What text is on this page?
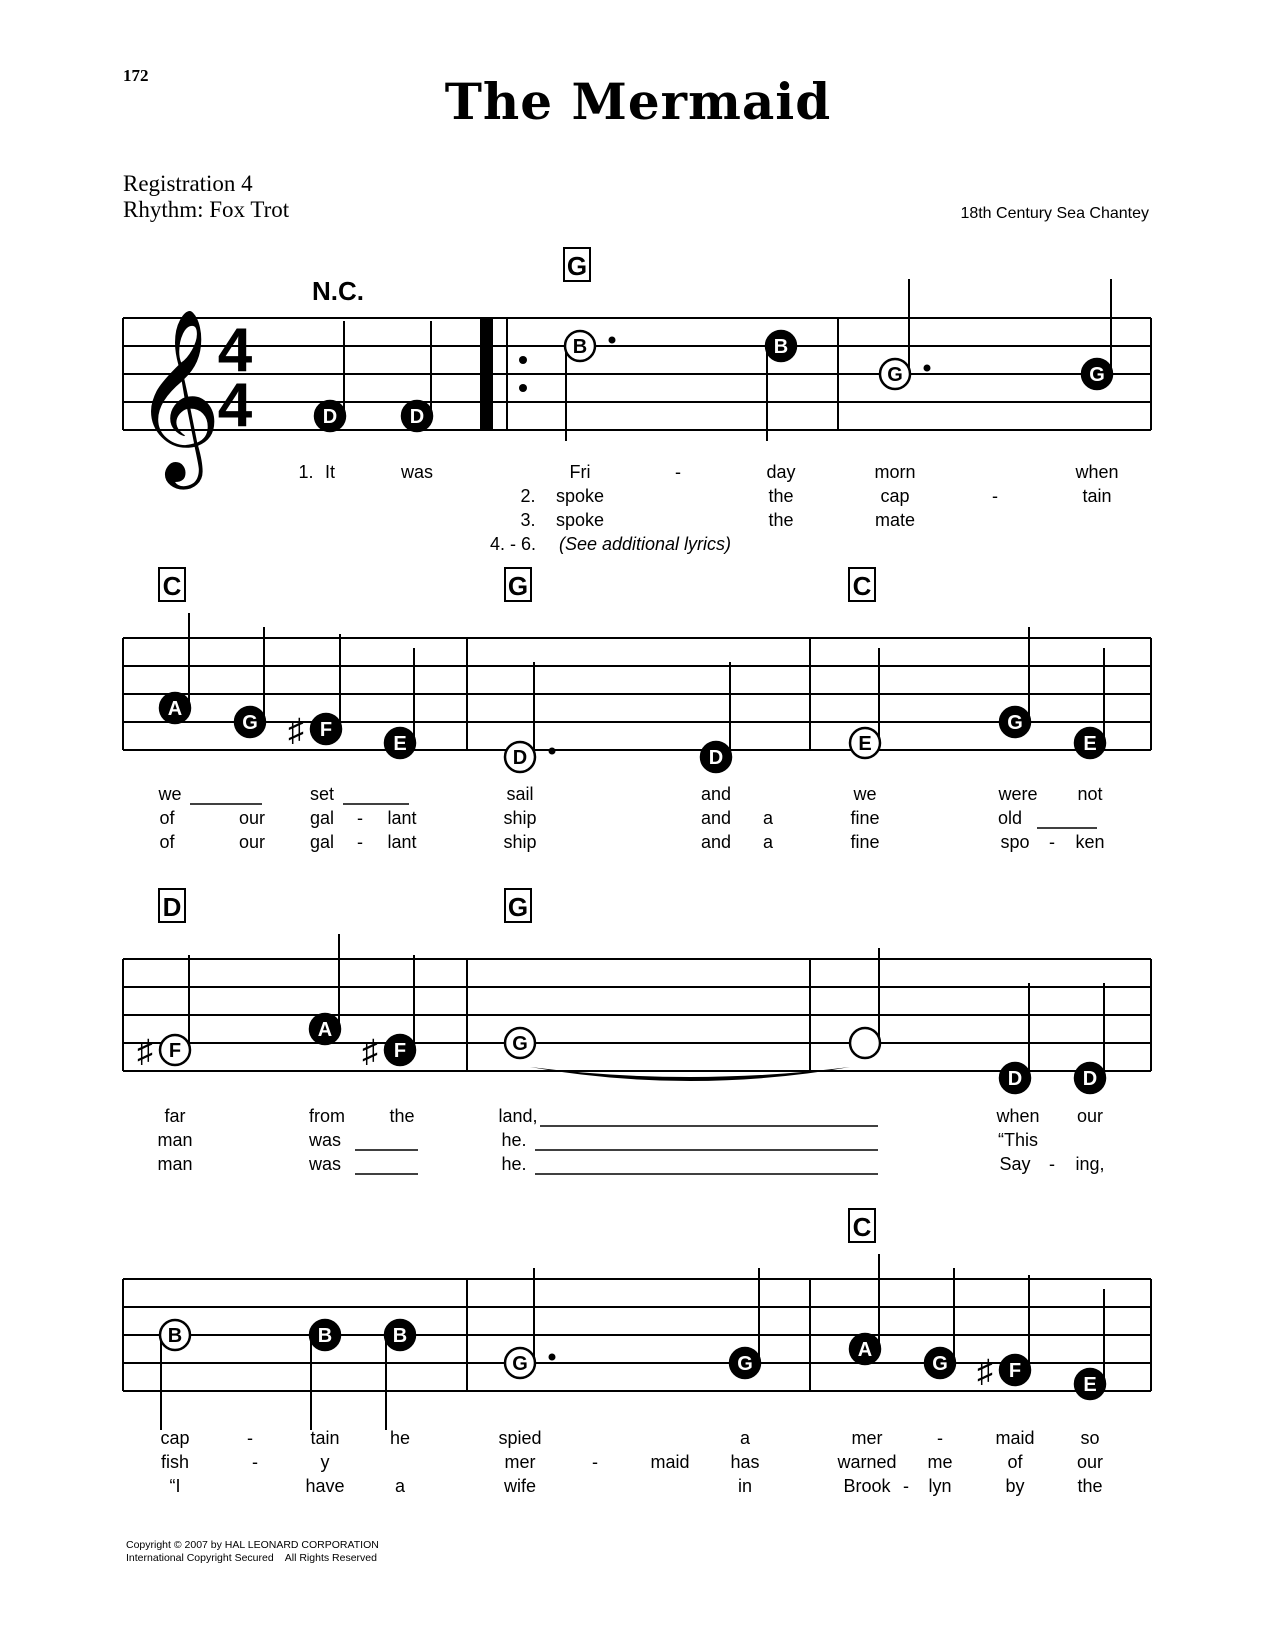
172	The Mermaid
Registration 4
Rhythm: Fox Trot	18th Century Sea Chantey
𝄞
4
4
N.C.
G
D	D
B	B
G	G
1. It	was	Fri	-	day	morn	when
2. spoke	the	cap	-	tain
3. spoke	the	mate
4. - 6. (See additional lyrics)
C	G	C
A
G	F
♯	E
D	D
E
G
E
we	set	sail	and	we	were not
of	our gal - lant	ship	and a	fine	old
of	our gal - lant	ship	and a	fine	spo - ken
D	G
F
♯
A
F
♯	G
D	D
far	from the	land,	when our
man	was	he.	“This
man	was	he.	Say - ing,
C
B	B	B
G	G
A
G	F
♯	E
cap	-	tain	he	spied	a	mer	-	maid	so
fish	-	y	mer	-	maid has	warned me	of	our
“I	have	a	wife	in	Brook - lyn	by	the
Copyright © 2007 by HAL LEONARD CORPORATION
International Copyright Secured    All Rights Reserved
